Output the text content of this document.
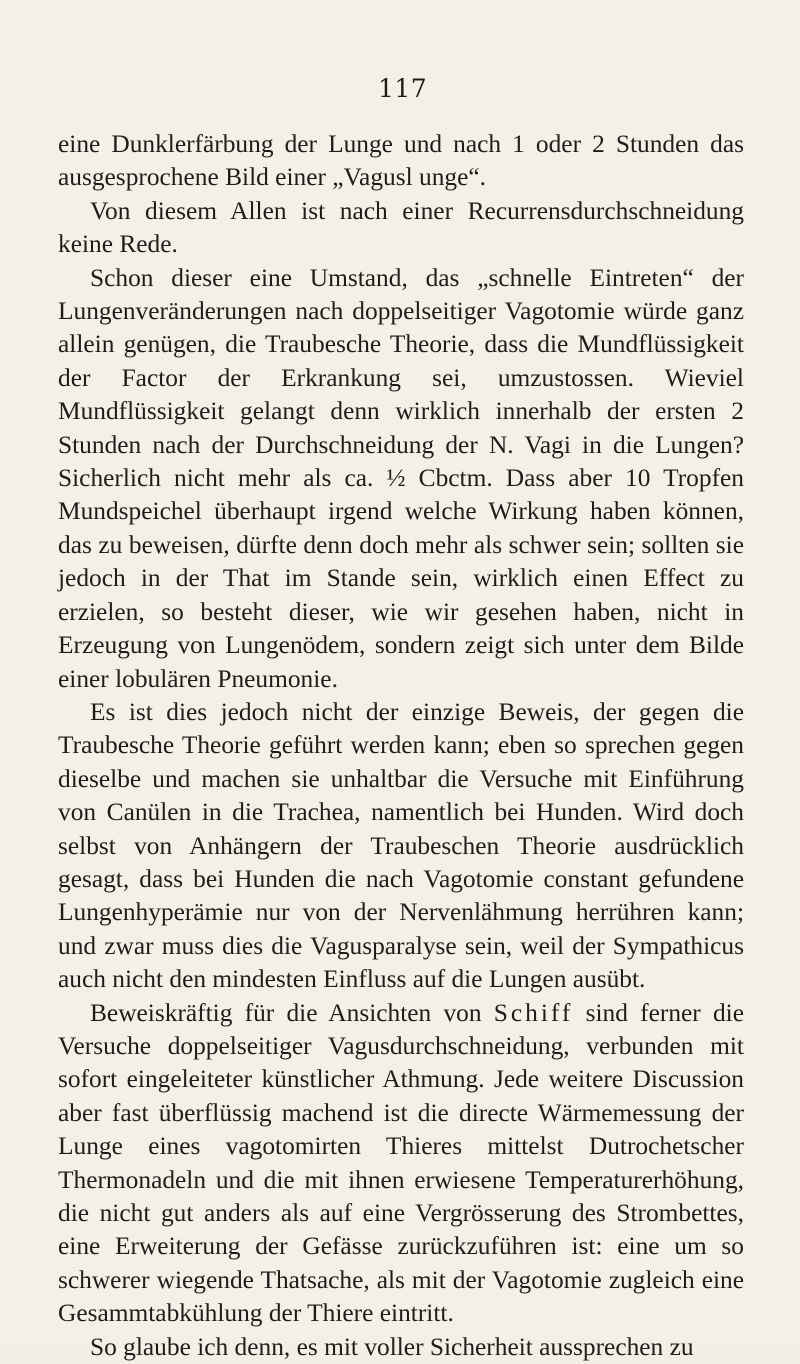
117

eine Dunklerfärbung der Lunge und nach 1 oder 2 Stunden das ausgesprochene Bild einer „Vagusl unge“.

Von diesem Allen ist nach einer Recurrensdurchschneidung keine Rede.

Schon dieser eine Umstand, das „schnelle Eintreten“ der Lungenveränderungen nach doppelseitiger Vagotomie würde ganz allein genügen, die Traubesche Theorie, dass die Mundflüssigkeit der Factor der Erkrankung sei, umzustossen. Wieviel Mundflüssigkeit gelangt denn wirklich innerhalb der ersten 2 Stunden nach der Durchschneidung der N. Vagi in die Lungen? Sicherlich nicht mehr als ca. ½ Cbctm. Dass aber 10 Tropfen Mundspeichel überhaupt irgend welche Wirkung haben können, das zu beweisen, dürfte denn doch mehr als schwer sein; sollten sie jedoch in der That im Stande sein, wirklich einen Effect zu erzielen, so besteht dieser, wie wir gesehen haben, nicht in Erzeugung von Lungenödem, sondern zeigt sich unter dem Bilde einer lobulären Pneumonie.

Es ist dies jedoch nicht der einzige Beweis, der gegen die Traubesche Theorie geführt werden kann; eben so sprechen gegen dieselbe und machen sie unhaltbar die Versuche mit Einführung von Canülen in die Trachea, namentlich bei Hunden. Wird doch selbst von Anhängern der Traubeschen Theorie ausdrücklich gesagt, dass bei Hunden die nach Vagotomie constant gefundene Lungenhyperämie nur von der Nervenlähmung herrühren kann; und zwar muss dies die Vagusparalyse sein, weil der Sympathicus auch nicht den mindesten Einfluss auf die Lungen ausübt.

Beweiskräftig für die Ansichten von Schiff sind ferner die Versuche doppelseitiger Vagusdurchschneidung, verbunden mit sofort eingeleiteter künstlicher Athmung. Jede weitere Discussion aber fast überflüssig machend ist die directe Wärmemessung der Lunge eines vagotomirten Thieres mittelst Dutrochetscher Thermonadeln und die mit ihnen erwiesene Temperaturerhöhung, die nicht gut anders als auf eine Vergrösserung des Strombettes, eine Erweiterung der Gefässe zurückzuführen ist: eine um so schwerer wiegende Thatsache, als mit der Vagotomie zugleich eine Gesammtabkühlung der Thiere eintritt.

So glaube ich denn, es mit voller Sicherheit aussprechen zu
